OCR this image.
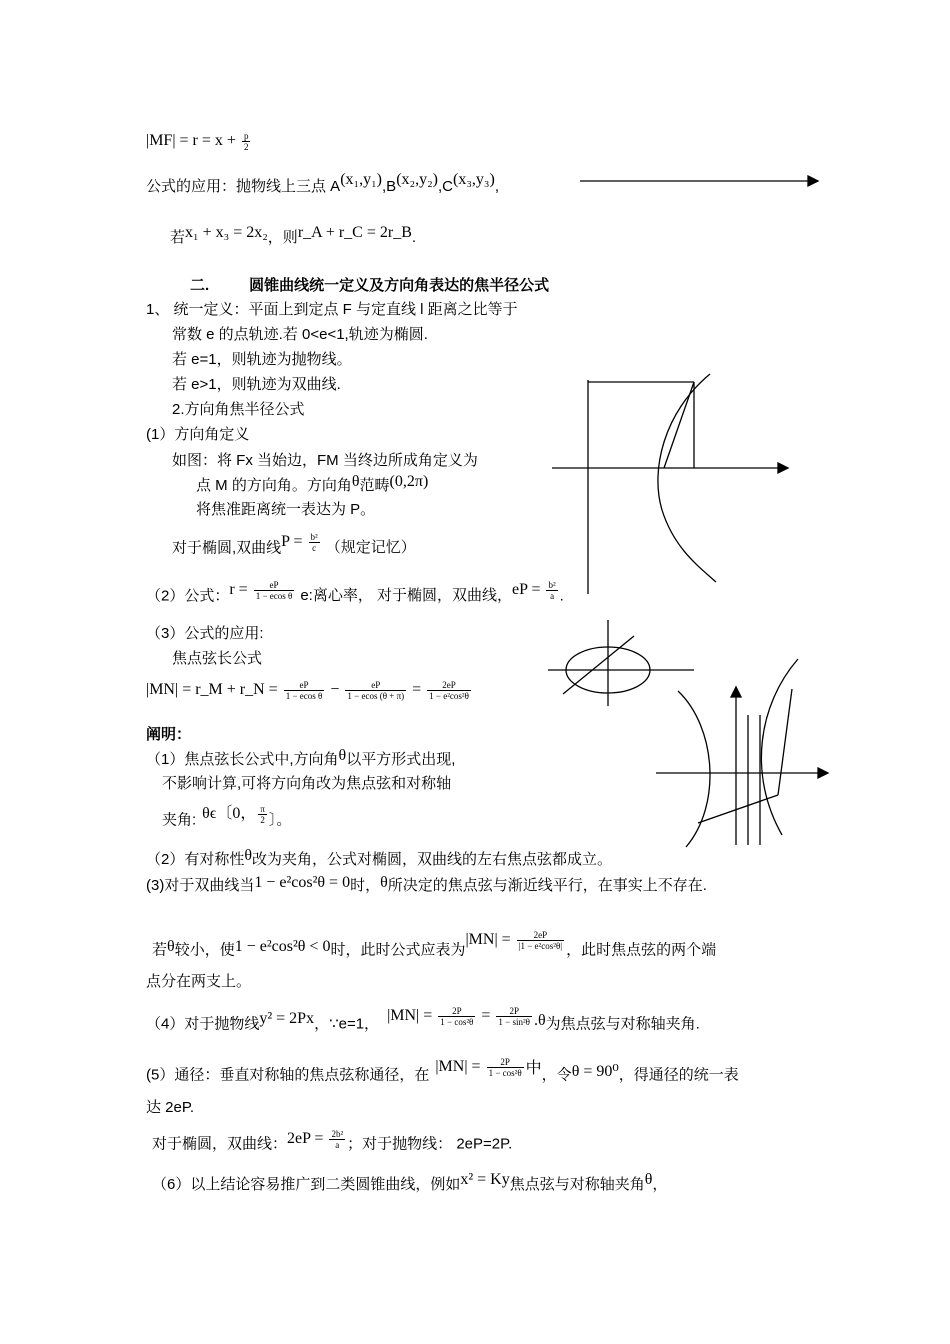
$|MF| = r = x + \frac{p}{2}$
公式的应用：抛物线上三点 A(x₁,y₁),B(x₂,y₂),C(x₃,y₃),
若x₁ + x₃ = 2x₂，则r_A + r_C = 2r_B.
二.	圆锥曲线统一定义及方向角表达的焦半径公式
1、 统一定义：平面上到定点 F 与定直线 l 距离之比等于
常数 e 的点轨迹.若 0<e<1,轨迹为椭圆.
若 e=1，则轨迹为抛物线。
若 e>1，则轨迹为双曲线.
2.方向角焦半径公式
(1）方向角定义
如图：将 Fx 当始边，FM 当终边所成角定义为
点 M 的方向角。方向角θ范畴(0,2π)
将焦准距离统一表达为 P。
对于椭圆,双曲线$P = \frac{\text{b²}}{c}$ （规定记忆）
（2）公式：$r = \frac{eP}{\text{1 − ecos θ}} e$:离心率， 对于椭圆，双曲线，eP = $\frac{\text{b²}}{a}$ .
（3）公式的应用:
焦点弦长公式
|MN| = r_M + r_N = $\frac{eP}{\text{1 − ecos θ}} - \frac{eP}{1 - ecos (\theta + \pi)} = \frac{2eP}{\text{1 − e²cos²θ}}$
阐明：
（1）焦点弦长公式中,方向角θ以平方形式出现,
不影响计算,可将方向角改为焦点弦和对称轴
夹角: θϵ〔0， $\frac{\pi}{2}$ 〕。
（2）有对称性θ改为夹角，公式对椭圆，双曲线的左右焦点弦都成立。
(3)对于双曲线当1 − e²cos²θ = 0时，θ所决定的焦点弦与渐近线平行，在事实上不存在.
若θ较小，使1 − e²cos²θ < 0时，此时公式应表为$|MN| = \frac{2eP}{\text{|1 − e²cos²θ|}}$ ，此时焦点弦的两个端
点分在两支上。
（4）对于抛物线y² = 2Px，∵e=1， $|MN| = \frac{2P}{\text{1 − cos²θ}} = \frac{2P}{\text{1 − sin²θ}} .\theta$为焦点弦与对称轴夹角.
(5）通径：垂直对称轴的焦点弦称通径，在 $|MN| = \frac{2P}{\text{1 − cos²θ}}$ 中，令θ = 90⁰，得通径的统一表
达 2eP.
对于椭圆，双曲线：$2eP = \frac{\text{2b²}}{a}$ ；对于抛物线： 2eP=2P.
（6）以上结论容易推广到二类圆锥曲线，例如x² = Ky焦点弦与对称轴夹角θ，
